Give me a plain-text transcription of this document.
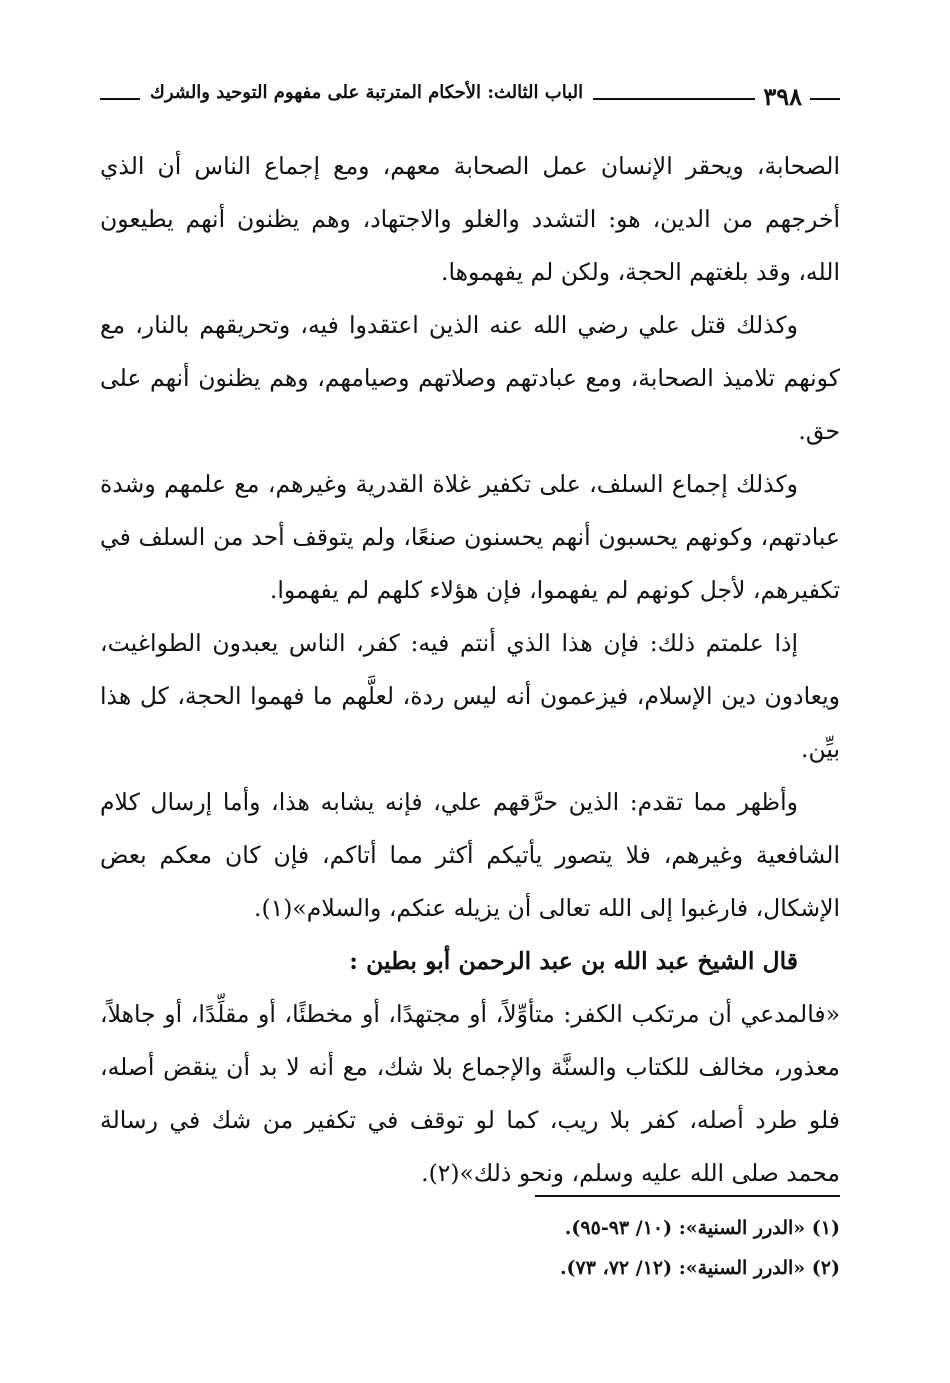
الباب الثالث: الأحكام المترتبة على مفهوم التوحيد والشرك	٣٩٨

الصحابة، ويحقر الإنسان عمل الصحابة معهم، ومع إجماع الناس أن الذي أخرجهم من الدين، هو: التشدد والغلو والاجتهاد، وهم يظنون أنهم يطيعون الله، وقد بلغتهم الحجة، ولكن لم يفهموها.

وكذلك قتل علي رضي الله عنه الذين اعتقدوا فيه، وتحريقهم بالنار، مع كونهم تلاميذ الصحابة، ومع عبادتهم وصلاتهم وصيامهم، وهم يظنون أنهم على حق.

وكذلك إجماع السلف، على تكفير غلاة القدرية وغيرهم، مع علمهم وشدة عبادتهم، وكونهم يحسبون أنهم يحسنون صنعًا، ولم يتوقف أحد من السلف في تكفيرهم، لأجل كونهم لم يفهموا، فإن هؤلاء كلهم لم يفهموا.

إذا علمتم ذلك: فإن هذا الذي أنتم فيه: كفر، الناس يعبدون الطواغيت، ويعادون دين الإسلام، فيزعمون أنه ليس ردة، لعلَّهم ما فهموا الحجة، كل هذا بيِّن.

وأظهر مما تقدم: الذين حرَّقهم علي، فإنه يشابه هذا، وأما إرسال كلام الشافعية وغيرهم، فلا يتصور يأتيكم أكثر مما أتاكم، فإن كان معكم بعض الإشكال، فارغبوا إلى الله تعالى أن يزيله عنكم، والسلام»(١).

قال الشيخ عبد الله بن عبد الرحمن أبو بطين :

«فالمدعي أن مرتكب الكفر: متأوِّلاً، أو مجتهدًا، أو مخطئًا، أو مقلِّدًا، أو جاهلاً، معذور، مخالف للكتاب والسنَّة والإجماع بلا شك، مع أنه لا بد أن ينقض أصله، فلو طرد أصله، كفر بلا ريب، كما لو توقف في تكفير من شك في رسالة محمد صلى الله عليه وسلم، ونحو ذلك»(٢).

(١) «الدرر السنية»: (١٠/ ٩٣-٩٥).

(٢) «الدرر السنية»: (١٢/ ٧٢، ٧٣).
